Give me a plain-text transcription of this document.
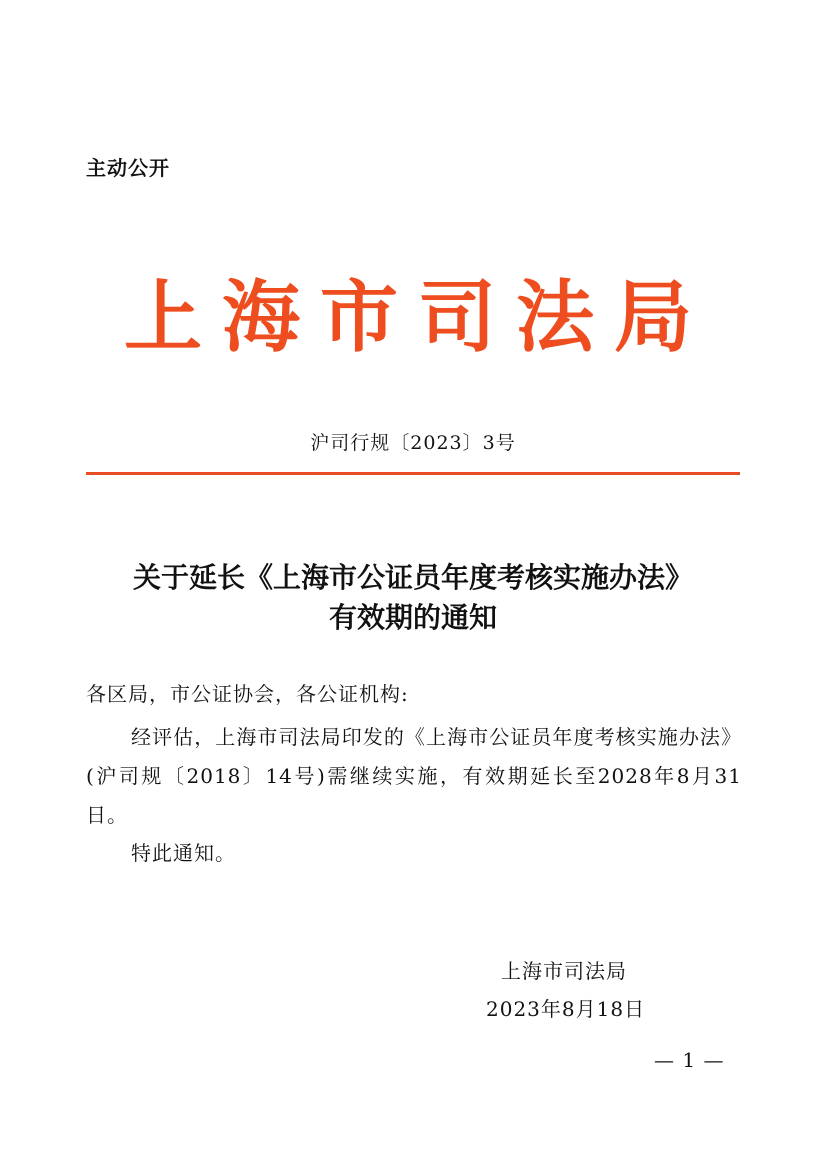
主动公开
上海市司法局
沪司行规〔2023〕3号
关于延长《上海市公证员年度考核实施办法》
有效期的通知
各区局，市公证协会，各公证机构:
经评估，上海市司法局印发的《上海市公证员年度考核实施办法》(沪司规〔2018〕14号)需继续实施，有效期延长至2028年8月31日。
特此通知。
上海市司法局
2023年8月18日
— 1 —
